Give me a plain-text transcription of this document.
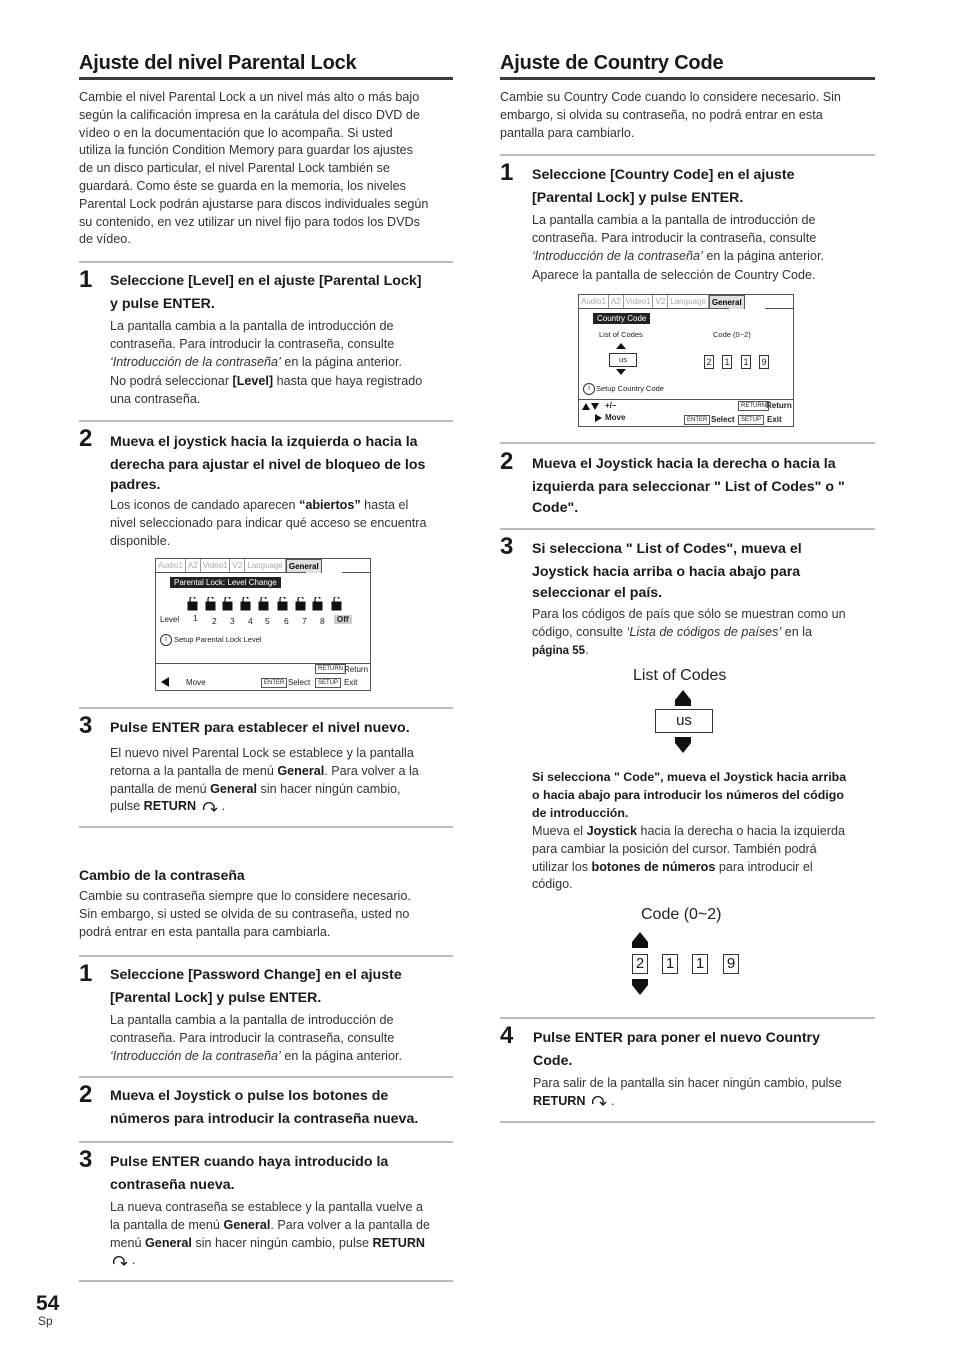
Ajuste del nivel Parental Lock
Cambie el nivel Parental Lock a un nivel más alto o más bajo
según la calificación impresa en la carátula del disco DVD de
vídeo o en la documentación que lo acompaña. Si usted
utiliza la función Condition Memory para guardar los ajustes
de un disco particular, el nivel Parental Lock también se
guardará. Como éste se guarda en la memoria, los niveles
Parental Lock podrán ajustarse para discos individuales según
su contenido, en vez utilizar un nivel fijo para todos los DVDs
de vídeo.
1 Seleccione [Level] en el ajuste [Parental Lock]
y pulse ENTER.
La pantalla cambia a la pantalla de introducción de
contraseña. Para introducir la contraseña, consulte
‘Introducción de la contraseña’ en la página anterior.
No podrá seleccionar [Level] hasta que haya registrado
una contraseña.
2 Mueva el joystick hacia la izquierda o hacia la
derecha para ajustar el nivel de bloqueo de los
padres.
Los iconos de candado aparecen “abiertos” hasta el
nivel seleccionado para indicar qué acceso se encuentra
disponible.
Audio1 A2 Video1 V2 Language General
Parental Lock: Level Change
Level 1 2 3 4 5 6 7 8	Off
i Setup Parental Lock Level
Move	ENTER Select
RETURN Return
SETUP Exit
3 Pulse ENTER para establecer el nivel nuevo.
El nuevo nivel Parental Lock se establece y la pantalla
retorna a la pantalla de menú General. Para volver a la
pantalla de menú General sin hacer ningún cambio,
pulse RETURN .
Cambio de la contraseña
Cambie su contraseña siempre que lo considere necesario.
Sin embargo, si usted se olvida de su contraseña, usted no
podrá entrar en esta pantalla para cambiarla.
1 Seleccione [Password Change] en el ajuste
[Parental Lock] y pulse ENTER.
La pantalla cambia a la pantalla de introducción de
contraseña. Para introducir la contraseña, consulte
‘Introducción de la contraseña’ en la página anterior.
2 Mueva el Joystick o pulse los botones de
números para introducir la contraseña nueva.
3 Pulse ENTER cuando haya introducido la
contraseña nueva.
La nueva contraseña se establece y la pantalla vuelve a
la pantalla de menú General. Para volver a la pantalla de
menú General sin hacer ningún cambio, pulse RETURN
.
54
Sp
Ajuste de Country Code
Cambie su Country Code cuando lo considere necesario. Sin
embargo, si olvida su contraseña, no podrá entrar en esta
pantalla para cambiarlo.
1 Seleccione [Country Code] en el ajuste
[Parental Lock] y pulse ENTER.
La pantalla cambia a la pantalla de introducción de
contraseña. Para introducir la contraseña, consulte
‘Introducción de la contraseña’ en la página anterior.
Aparece la pantalla de selección de Country Code.
Audio1 A2 Video1 V2 Language General
Country Code
List of Codes	Code (0~2)
us	2 1 1 9
i Setup Country Code
+/–
Move	ENTER Select
RETURN Return
SETUP Exit
2 Mueva el Joystick hacia la derecha o hacia la
izquierda para seleccionar " List of Codes" o "
Code".
3 Si selecciona " List of Codes", mueva el
Joystick hacia arriba o hacia abajo para
seleccionar el país.
Para los códigos de país que sólo se muestran como un
código, consulte ‘Lista de códigos de países’ en la
página 55.
List of Codes
us
Si selecciona " Code", mueva el Joystick hacia arriba
o hacia abajo para introducir los números del código
de introducción.
Mueva el Joystick hacia la derecha o hacia la izquierda
para cambiar la posición del cursor. También podrá
utilizar los botones de números para introducir el
código.
Code (0~2)
2 1 1 9
4 Pulse ENTER para poner el nuevo Country
Code.
Para salir de la pantalla sin hacer ningún cambio, pulse
RETURN .
